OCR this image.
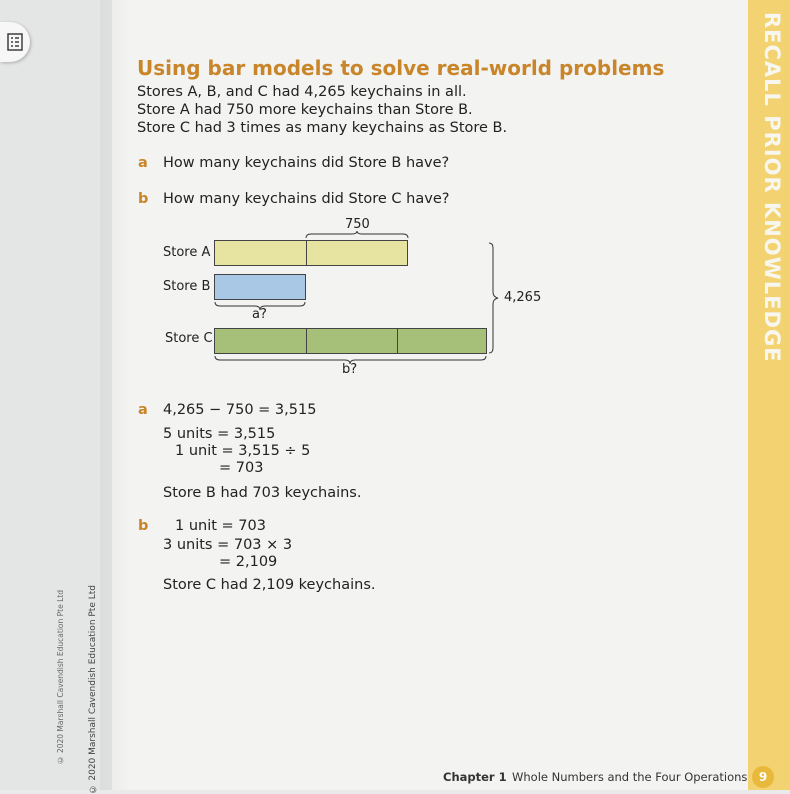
RECALL PRIOR KNOWLEDGE
Using bar models to solve real-world problems
Stores A, B, and C had 4,265 keychains in all.
Store A had 750 more keychains than Store B.
Store C had 3 times as many keychains as Store B.
a How many keychains did Store B have?
b How many keychains did Store C have?
Store A
Store B
Store C
750
a?
b?
4,265
a 4,265 − 750 = 3,515
5 units = 3,515
1 unit = 3,515 ÷ 5
= 703
Store B had 703 keychains.
b 1 unit = 703
3 units = 703 × 3
= 2,109
Store C had 2,109 keychains.
© 2020 Marshall Cavendish Education Pte Ltd	© 2020 Marshall Cavendish Education Pte Ltd	Chapter 1 Whole Numbers and the Four Operations 9
